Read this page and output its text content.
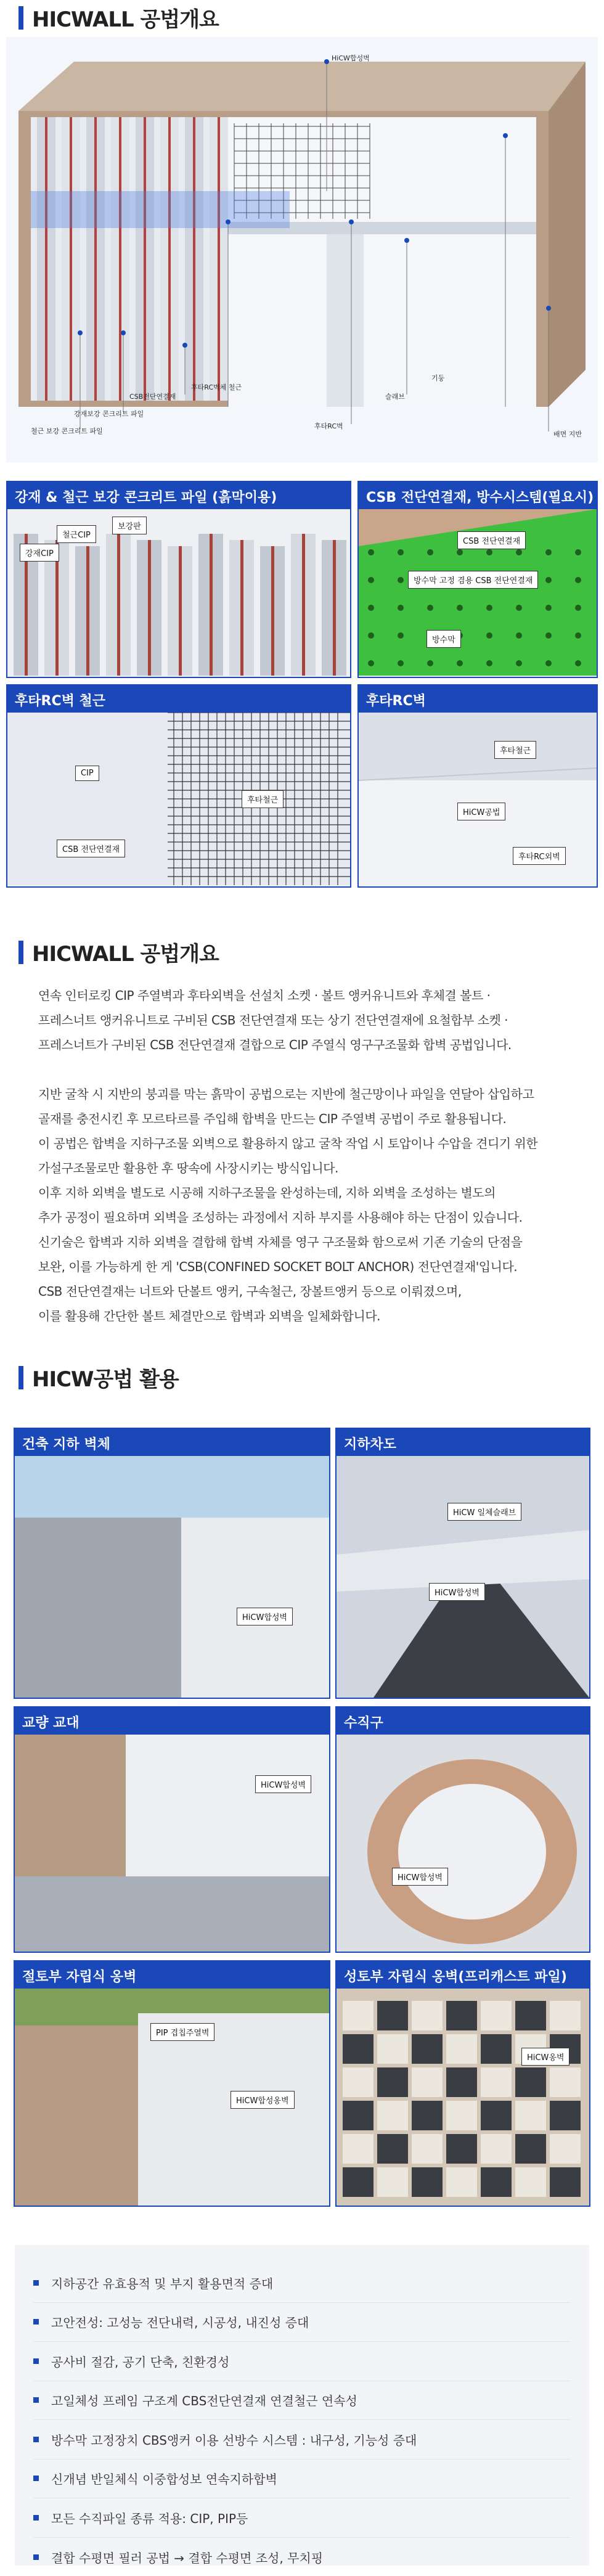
HICWALL 공법개요
HiCW합성벽
CSB전단연결재
강재보강 콘크리트 파일
철근 보강 콘크리트 파일
후타RC벽체 철근
후타RC벽
슬래브
기둥
배면 지반
강재 & 철근 보강 콘크리트 파일 (흙막이용)
강재CIP
철근CIP
보강판
CSB 전단연결재, 방수시스템(필요시)
CSB 전단연결재
방수막 고정 겸용 CSB 전단연결재
방수막
후타RC벽 철근
CIP
후타철근
CSB 전단연결재
후타RC벽
후타철근
HiCW공법
후타RC외벽
HICWALL 공법개요

연속 인터로킹 CIP 주열벽과 후타외벽을 선설치 소켓 · 볼트 앵커유니트와 후체결 볼트 ·

프레스너트 앵커유니트로 구비된 CSB 전단연결재 또는 상기 전단연결재에 요철합부 소켓 ·

프레스너트가 구비된 CSB 전단연결재 결합으로 CIP 주열식 영구구조물화 합벽 공법입니다.

지반 굴착 시 지반의 붕괴를 막는 흙막이 공법으로는 지반에 철근망이나 파일을 연달아 삽입하고

골재를 충전시킨 후 모르타르를 주입해 합벽을 만드는 CIP 주열벽 공법이 주로 활용됩니다.

이 공법은 합벽을 지하구조물 외벽으로 활용하지 않고 굴착 작업 시 토압이나 수압을 견디기 위한

가설구조물로만 활용한 후 땅속에 사장시키는 방식입니다.

이후 지하 외벽을 별도로 시공해 지하구조물을 완성하는데, 지하 외벽을 조성하는 별도의

추가 공정이 필요하며 외벽을 조성하는 과정에서 지하 부지를 사용해야 하는 단점이 있습니다.

신기술은 합벽과 지하 외벽을 결합해 합벽 자체를 영구 구조물화 함으로써 기존 기술의 단점을

보완, 이를 가능하게 한 게 'CSB(CONFINED SOCKET BOLT ANCHOR) 전단연결재'입니다.

CSB 전단연결재는 너트와 단볼트 앵커, 구속철근, 장볼트앵커 등으로 이뤄졌으며,

이를 활용해 간단한 볼트 체결만으로 합벽과 외벽을 일체화합니다.

HICW공법 활용
건축 지하 벽체
HiCW합성벽
지하차도
HiCW 일체슬래브
HiCW합성벽
교량 교대
HiCW합성벽
수직구
HiCW합성벽
절토부 자립식 옹벽
PIP 겹칩주열벽
HiCW합성옹벽
성토부 자립식 옹벽(프리캐스트 파일)
HiCW옹벽
지하공간 유효용적 및 부지 활용면적 증대
고안전성: 고성능 전단내력, 시공성, 내진성 증대
공사비 절감, 공기 단축, 친환경성
고일체성 프레임 구조계 CBS전단연결재 연결철근 연속성
방수막 고정장치 CBS앵커 이용 선방수 시스템 : 내구성, 기능성 증대
신개념 반일체식 이중합성보 연속지하합벽
모든 수직파일 종류 적용: CIP, PIP등
결합 수평면 필러 공법 → 결합 수평면 조성, 무치핑
